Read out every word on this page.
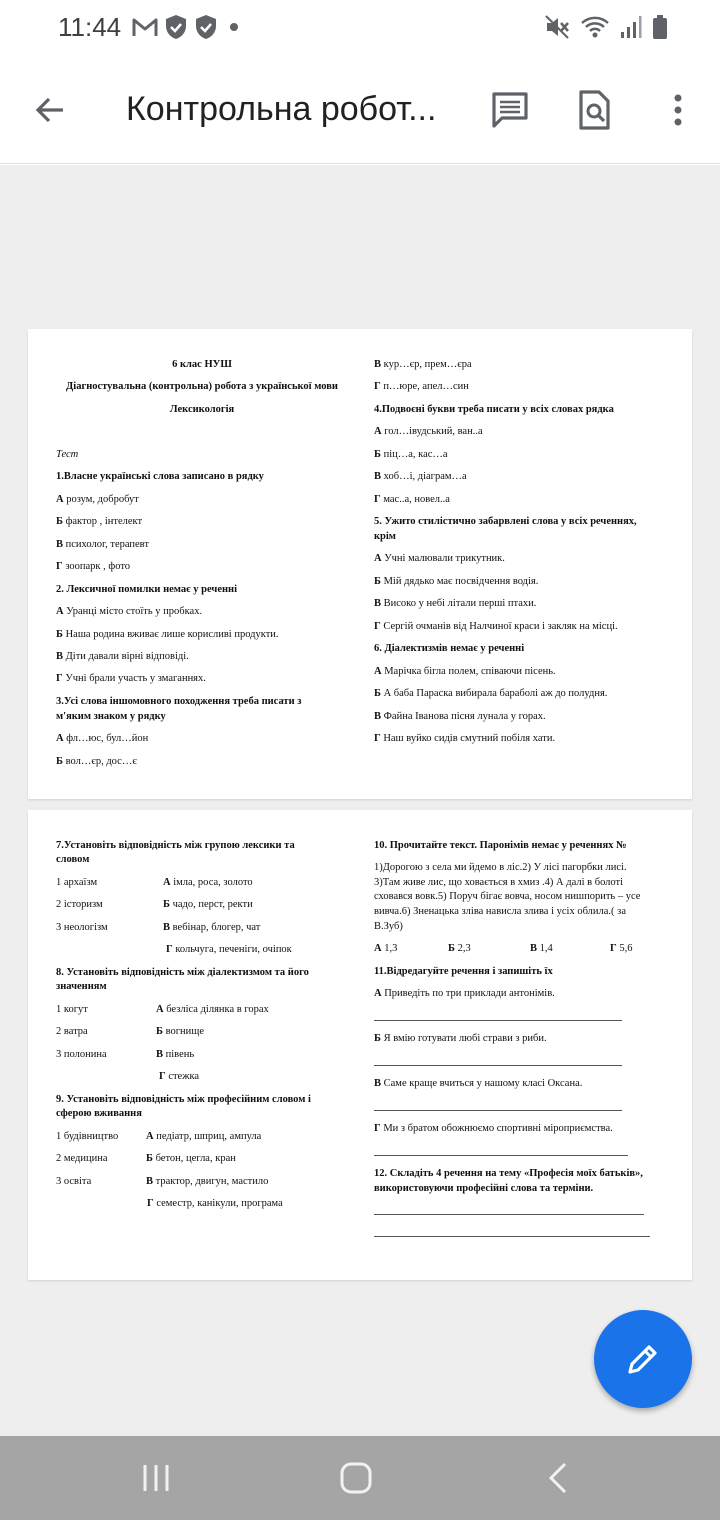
11:44
Контрольна робот...
6 клас НУШ
Діагностувальна (контрольна) робота з української мови
Лексикологія
Тест
1.Власне українські слова записано в рядку
А розум, добробут
Б фактор , інтелект
В психолог, терапевт
Г зоопарк , фото
2. Лексичної помилки немає у реченні
А Уранці місто стоїть у пробках.
Б Наша родина вживає лише корисливі продукти.
В Діти давали вірні відповіді.
Г Учні брали участь у змаганнях.
3.Усі слова іншомовного походження треба писати з
м'яким знаком у рядку
А фл…юс, бул…йон
Б вол…єр, дос…є
В кур…єр, прем…єра
Г п…юре, апел…син
4.Подвоєні букви треба писати у всіх словах рядка
А гол…івудський, ван..а
Б піц…а, кас…а
В хоб…і, діаграм…а
Г мас..а, новел..а
5. Ужито стилістично забарвлені слова у всіх реченнях,
крім
А Учні малювали трикутник.
Б Мій дядько має посвідчення водія.
В Високо у небі літали перші птахи.
Г Сергій очманів від Налчиної краси і закляк на місці.
6. Діалектизмів немає у реченні
А Марічка бігла полем, співаючи пісень.
Б А баба Параска вибирала бараболі аж до полудня.
В Файна Іванова пісня лунала у горах.
Г Наш вуйко сидів смутний побіля хати.
7.Установіть відповідність між групою лексики та
словом
1 архаїзм	А імла, роса, золото
2 історизм	Б чадо, перст, ректи
3 неологізм	В вебінар, блогер, чат
Г кольчуга, печеніги, очіпок
8. Установіть відповідність між діалектизмом та його
значенням
1 когут	А безліса ділянка в горах
2 ватра	Б вогнище
3 полонина	В півень
Г стежка
9. Установіть відповідність між професійним словом і
сферою вживання
1 будівництво	А педіатр, шприц, ампула
2 медицина	Б бетон, цегла, кран
3 освіта	В трактор, двигун, мастило
Г семестр, канікули, програма
10. Прочитайте текст. Паронімів немає у реченнях №
1)Дорогою з села ми йдемо в ліс.2) У лісі пагорбки лисі.
3)Там живе лис, що ховається в хмиз .4) А далі в болоті
сховався вовк.5) Поруч бігає вовча, носом нишпорить – усе
вивча.6) Зненацька зліва нависла злива і усіх облила.( за
В.Зуб)
А 1,3	Б 2,3	В 1,4	Г 5,6
11.Відредагуйте речення і запишіть їх
А Приведіть по три приклади антонімів.
Б Я вмію готувати любі страви з риби.
В Саме краще вчиться у нашому класі Оксана.
Г Ми з братом обожнюємо спортивні міроприємства.
12. Складіть 4 речення на тему «Професія моїх батьків»,
використовуючи професійні слова та терміни.
